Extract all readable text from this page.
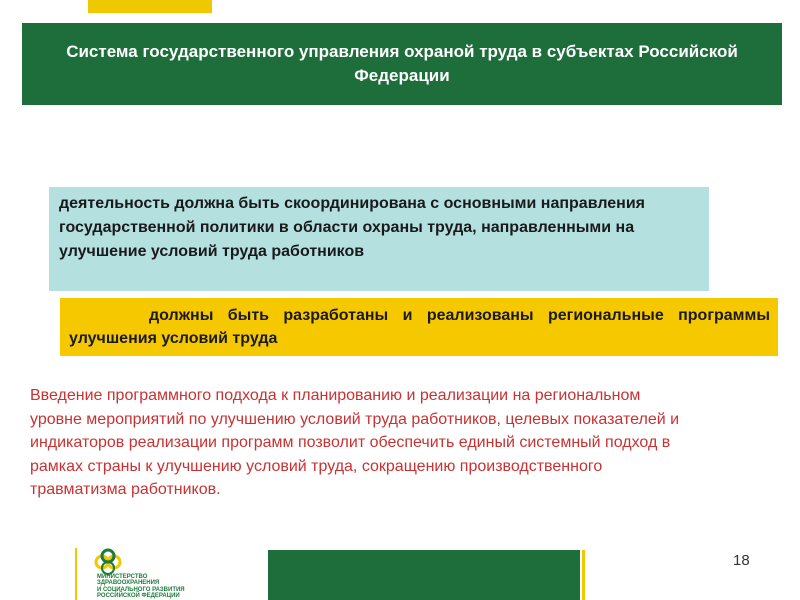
Система государственного управления охраной труда в субъектах Российской Федерации
деятельность должна быть скоординирована с основными направления государственной политики в области охраны труда, направленными на улучшение условий труда работников
должны быть разработаны и реализованы региональные программы улучшения условий труда
Введение программного подхода к планированию и реализации на региональном уровне мероприятий по улучшению условий труда работников, целевых показателей и индикаторов реализации программ позволит обеспечить единый системный подход в рамках страны к улучшению условий труда, сокращению производственного травматизма работников.
МИНИСТЕРСТВО
ЗДРАВООХРАНЕНИЯ
И СОЦИАЛЬНОГО РАЗВИТИЯ
РОССИЙСКОЙ ФЕДЕРАЦИИ
18
